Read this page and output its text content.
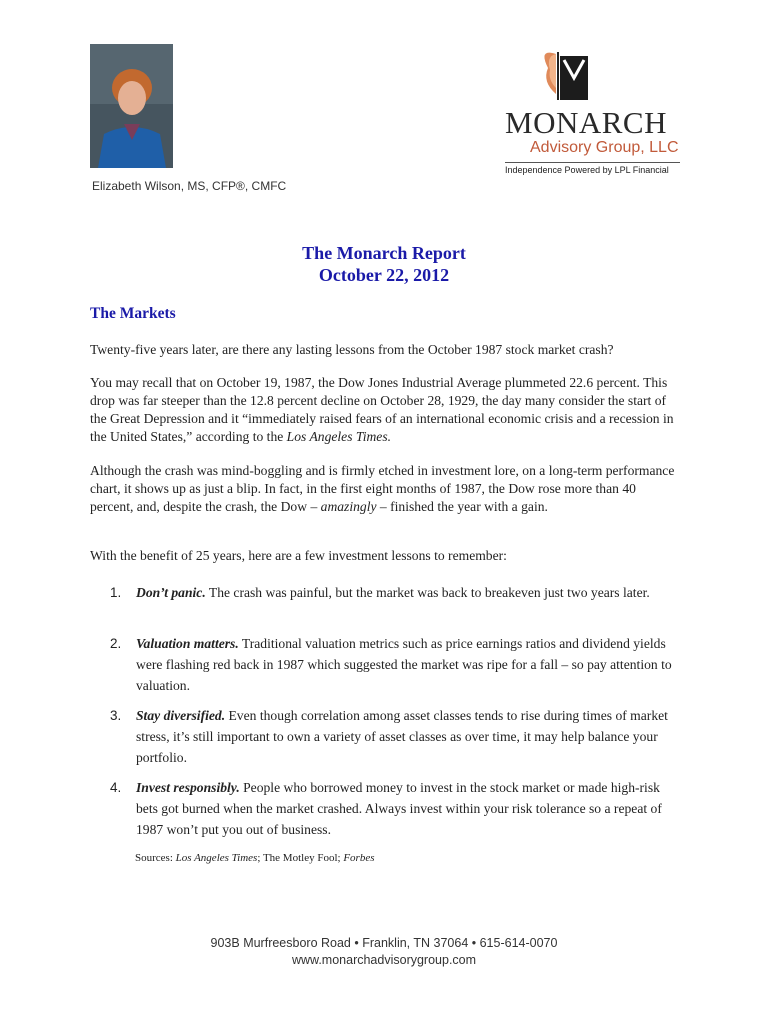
Elizabeth Wilson, MS, CFP®, CMFC
MONARCH
Advisory Group, LLC
Independence Powered by LPL Financial
The Monarch Report
October 22, 2012
The Markets

Twenty-five years later, are there any lasting lessons from the October 1987 stock market crash?

You may recall that on October 19, 1987, the Dow Jones Industrial Average plummeted 22.6 percent. This drop was far steeper than the 12.8 percent decline on October 28, 1929, the day many consider the start of the Great Depression and it “immediately raised fears of an international economic crisis and a recession in the United States,” according to the Los Angeles Times.

Although the crash was mind-boggling and is firmly etched in investment lore, on a long-term performance chart, it shows up as just a blip. In fact, in the first eight months of 1987, the Dow rose more than 40 percent, and, despite the crash, the Dow – amazingly – finished the year with a gain.

With the benefit of 25 years, here are a few investment lessons to remember:

1. Don’t panic. The crash was painful, but the market was back to breakeven just two years later.
2. Valuation matters. Traditional valuation metrics such as price earnings ratios and dividend yields were flashing red back in 1987 which suggested the market was ripe for a fall – so pay attention to valuation.
3. Stay diversified. Even though correlation among asset classes tends to rise during times of market stress, it’s still important to own a variety of asset classes as over time, it may help balance your portfolio.
4. Invest responsibly. People who borrowed money to invest in the stock market or made high-risk bets got burned when the market crashed. Always invest within your risk tolerance so a repeat of 1987 won’t put you out of business.
Sources: Los Angeles Times; The Motley Fool; Forbes
903B Murfreesboro Road • Franklin, TN 37064 • 615-614-0070
www.monarchadvisorygroup.com
